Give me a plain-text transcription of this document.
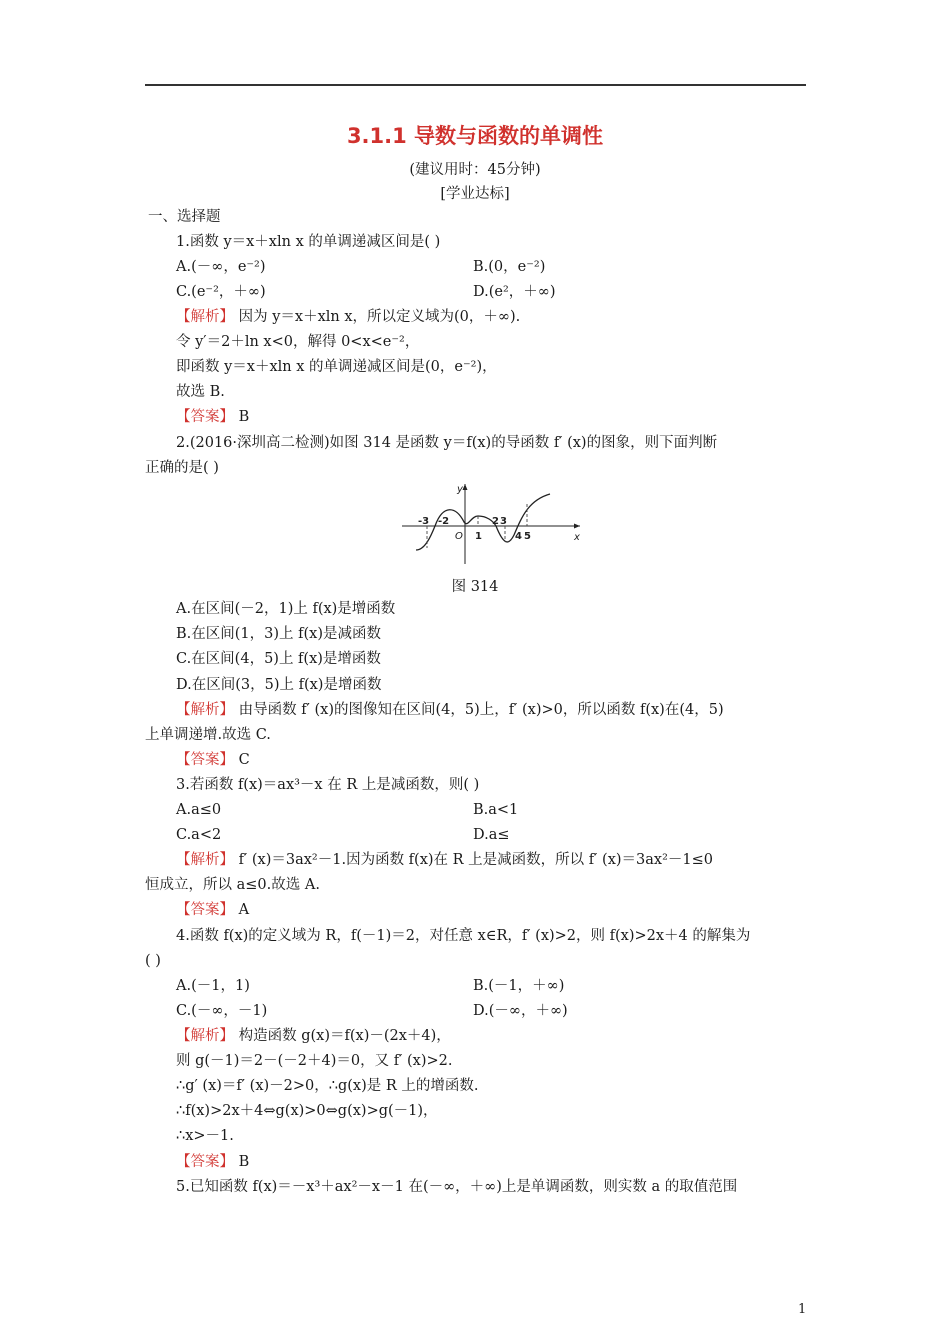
3.1.1 导数与函数的单调性
(建议用时：45分钟)
[学业达标]
一、选择题
1.函数 y＝x＋xln x 的单调递减区间是( )
A.(－∞，e⁻²)	B.(0，e⁻²)
C.(e⁻²，＋∞)	D.(e²，＋∞)
【解析】 因为 y＝x＋xln x，所以定义域为(0，＋∞).
令 y′＝2＋ln x<0，解得 0<x<e⁻²，
即函数 y＝x＋xln x 的单调递减区间是(0，e⁻²)，
故选 B.
【答案】 B
2.(2016·深圳高二检测)如图 314 是函数 y＝f(x)的导函数 f′ (x)的图象，则下面判断
正确的是( )
y
x
O
-3 -2
1
2 3
4 5
图 314
A.在区间(－2，1)上 f(x)是增函数
B.在区间(1，3)上 f(x)是减函数
C.在区间(4，5)上 f(x)是增函数
D.在区间(3，5)上 f(x)是增函数
【解析】 由导函数 f′ (x)的图像知在区间(4，5)上，f′ (x)>0，所以函数 f(x)在(4，5)
上单调递增.故选 C.
【答案】 C
3.若函数 f(x)＝ax³－x 在 R 上是减函数，则( )
A.a≤0	B.a<1
C.a<2	D.a≤
【解析】 f′ (x)＝3ax²－1.因为函数 f(x)在 R 上是减函数，所以 f′ (x)＝3ax²－1≤0
恒成立，所以 a≤0.故选 A.
【答案】 A
4.函数 f(x)的定义域为 R，f(－1)＝2，对任意 x∈R，f′ (x)>2，则 f(x)>2x＋4 的解集为
( )
A.(－1，1)	B.(－1，＋∞)
C.(－∞，－1)	D.(－∞，＋∞)
【解析】 构造函数 g(x)＝f(x)－(2x＋4)，
则 g(－1)＝2－(－2＋4)＝0，又 f′ (x)>2.
∴g′ (x)＝f′ (x)－2>0，∴g(x)是 R 上的增函数.
∴f(x)>2x＋4⇔g(x)>0⇔g(x)>g(－1)，
∴x>－1.
【答案】 B
5.已知函数 f(x)＝－x³＋ax²－x－1 在(－∞，＋∞)上是单调函数，则实数 a 的取值范围
1
